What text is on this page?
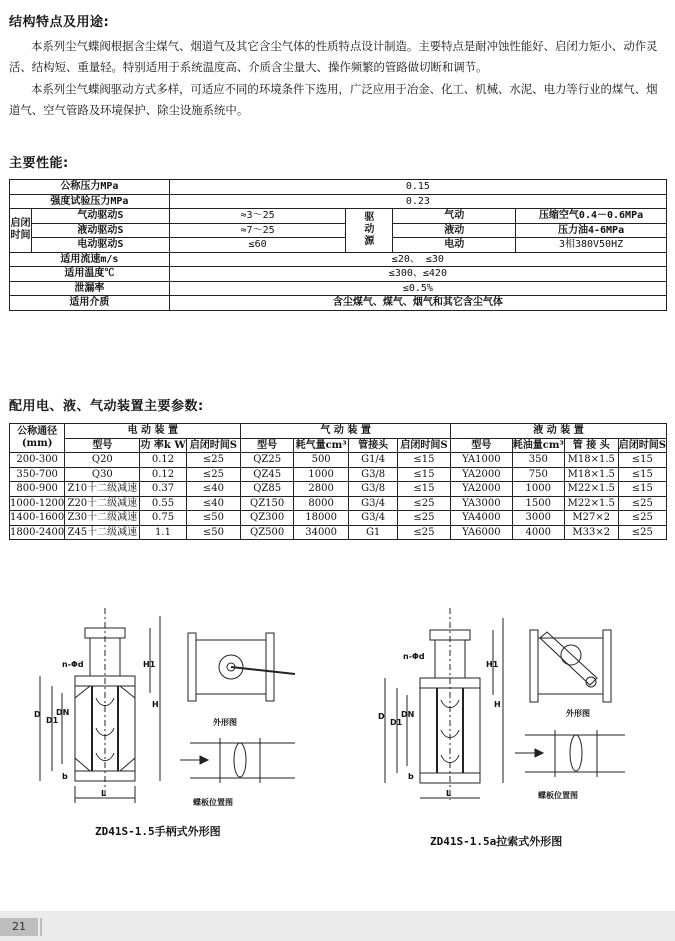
结构特点及用途:

本系列尘气蝶阀根据含尘煤气、烟道气及其它含尘气体的性质特点设计制造。主要特点是耐冲蚀性能好、启闭力矩小、动作灵活、结构短、重量轻。特别适用于系统温度高、介质含尘量大、操作频繁的管路做切断和调节。

本系列尘气蝶阀驱动方式多样，可适应不同的环境条件下选用，广泛应用于冶金、化工、机械、水泥、电力等行业的煤气、烟道气、空气管路及环境保护、除尘设施系统中。

主要性能:
公称压力MPa		0.15			
强度试验压力MPa		0.23			
启闭时间	气动驱动S	≈3～25	驱动源	气动	压缩空气0.4－0.6MPa
	液动驱动S	≈7～25		液动	压力油4-6MPa
	电动驱动S	≤60		电动	3相380V50HZ
适用流速m/s		≤20、 ≤30			
适用温度℃		≤300、≤420			
泄漏率		≤0.5%			
适用介质		含尘煤气、煤气、烟气和其它含尘气体			
配用电、液、气动装置主要参数:
公称通径(mm)	电 动 装 置			气 动 装 置				液 动 装 置			
	型号	功 率k W	启闭时间S	型号	耗气量cm³	管接头	启闭时间S	型号	耗油量cm³	管 接 头	启闭时间S
200-300	Q20	0.12	≤25	QZ25	500	G1/4	≤15	YA1000	350	M18×1.5	≤15
350-700	Q30	0.12	≤25	QZ45	1000	G3/8	≤15	YA2000	750	M18×1.5	≤15
800-900	Z10十二级减速	0.37	≤40	QZ85	2800	G3/8	≤15	YA2000	1000	M22×1.5	≤15
1000-1200	Z20十二级减速	0.55	≤40	QZ150	8000	G3/4	≤25	YA3000	1500	M22×1.5	≤25
1400-1600	Z30十二级减速	0.75	≤50	QZ300	18000	G3/4	≤25	YA4000	3000	M27×2	≤25
1800-2400	Z45十二级减速	1.1	≤50	QZ500	34000	G1	≤25	YA6000	4000	M33×2	≤25
n-Φd
D
D1
DN
H
H1
L
b
外形图
蝶板位置图
ZD41S-1.5手柄式外形图
n-Φd
D
D1
DN
H
H1
L
b
外形图
蝶板位置图
ZD41S-1.5a拉索式外形图
21
